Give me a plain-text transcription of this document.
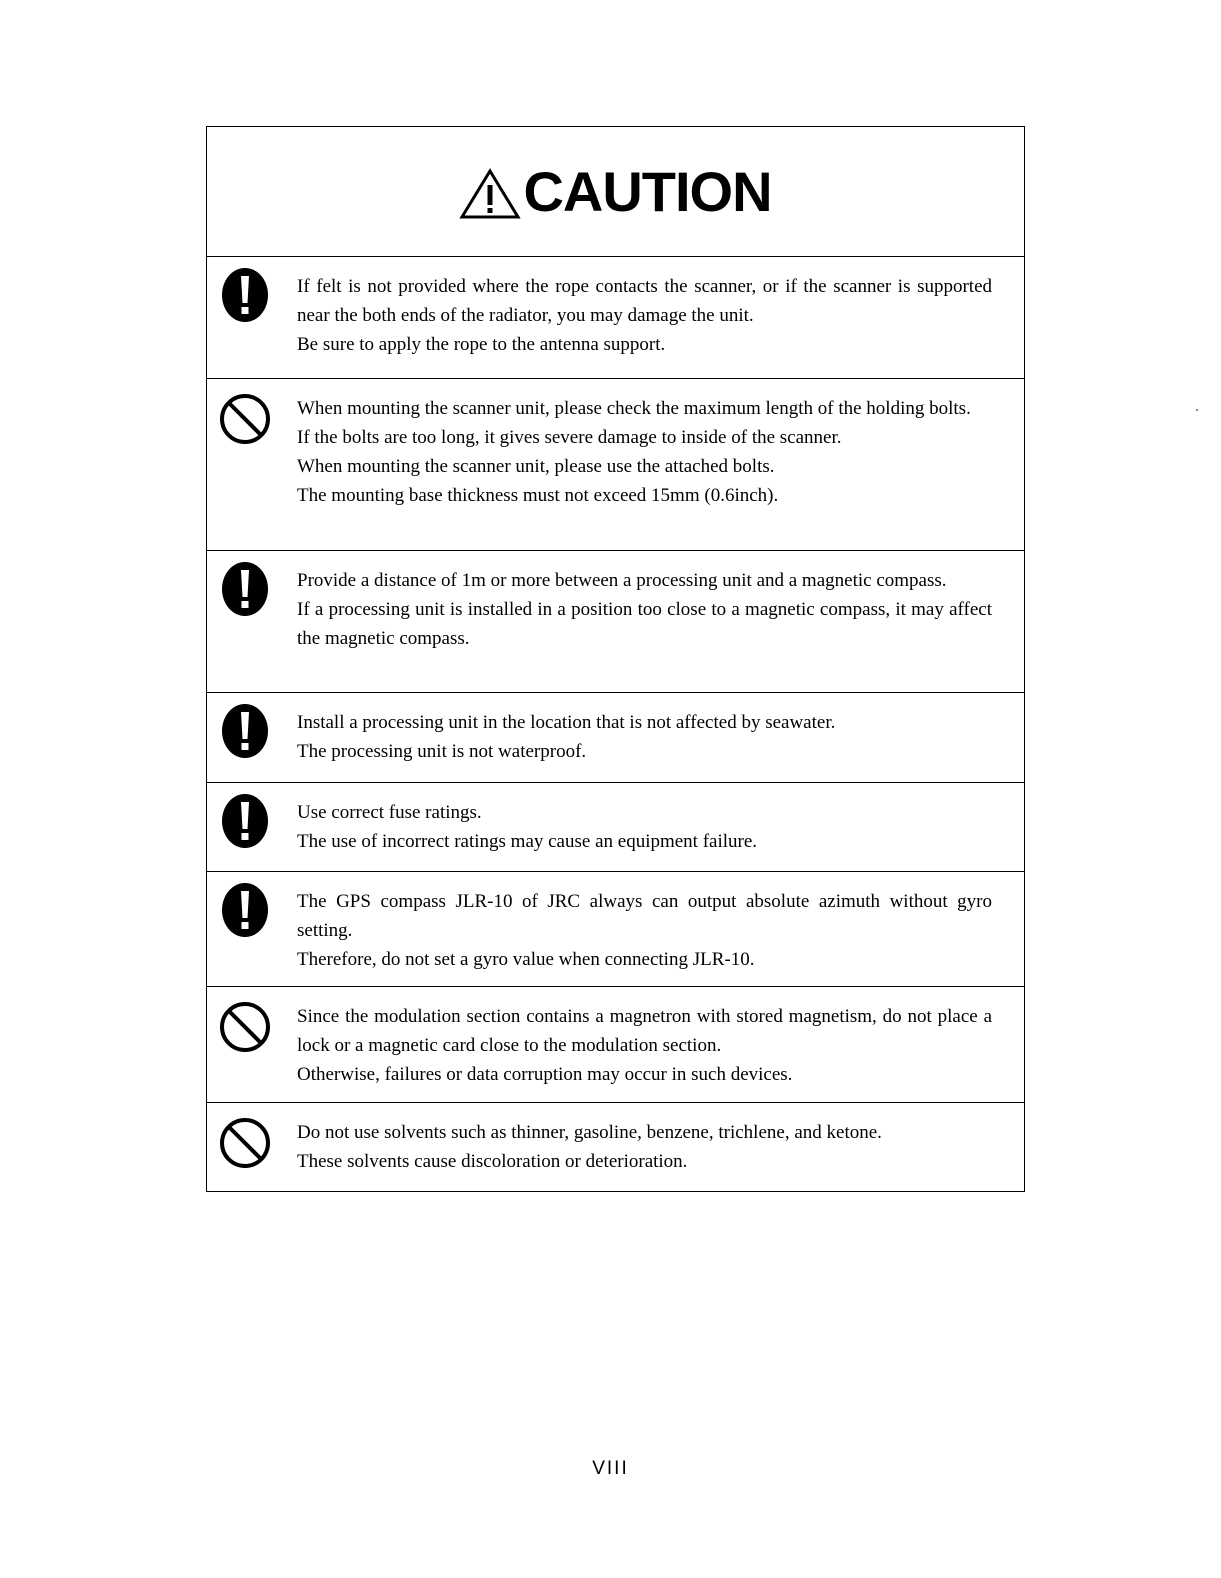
CAUTION

If felt is not provided where the rope contacts the scanner, or if the scanner is supported near the both ends of the radiator, you may damage the unit.

Be sure to apply the rope to the antenna support.

When mounting the scanner unit, please check the maximum length of the holding bolts.

If the bolts are too long, it gives severe damage to inside of the scanner.

When mounting the scanner unit, please use the attached bolts.

The mounting base thickness must not exceed 15mm (0.6inch).

Provide a distance of 1m or more between a processing unit and a magnetic compass.

If a processing unit is installed in a position too close to a magnetic compass, it may affect the magnetic compass.

Install a processing unit in the location that is not affected by seawater.

The processing unit is not waterproof.

Use correct fuse ratings.

The use of incorrect ratings may cause an equipment failure.

The GPS compass JLR-10 of JRC always can output absolute azimuth without gyro setting.

Therefore, do not set a gyro value when connecting JLR-10.

Since the modulation section contains a magnetron with stored magnetism, do not place a lock or a magnetic card close to the modulation section.

Otherwise, failures or data corruption may occur in such devices.

Do not use solvents such as thinner, gasoline, benzene, trichlene, and ketone.

These solvents cause discoloration or deterioration.

VIII
